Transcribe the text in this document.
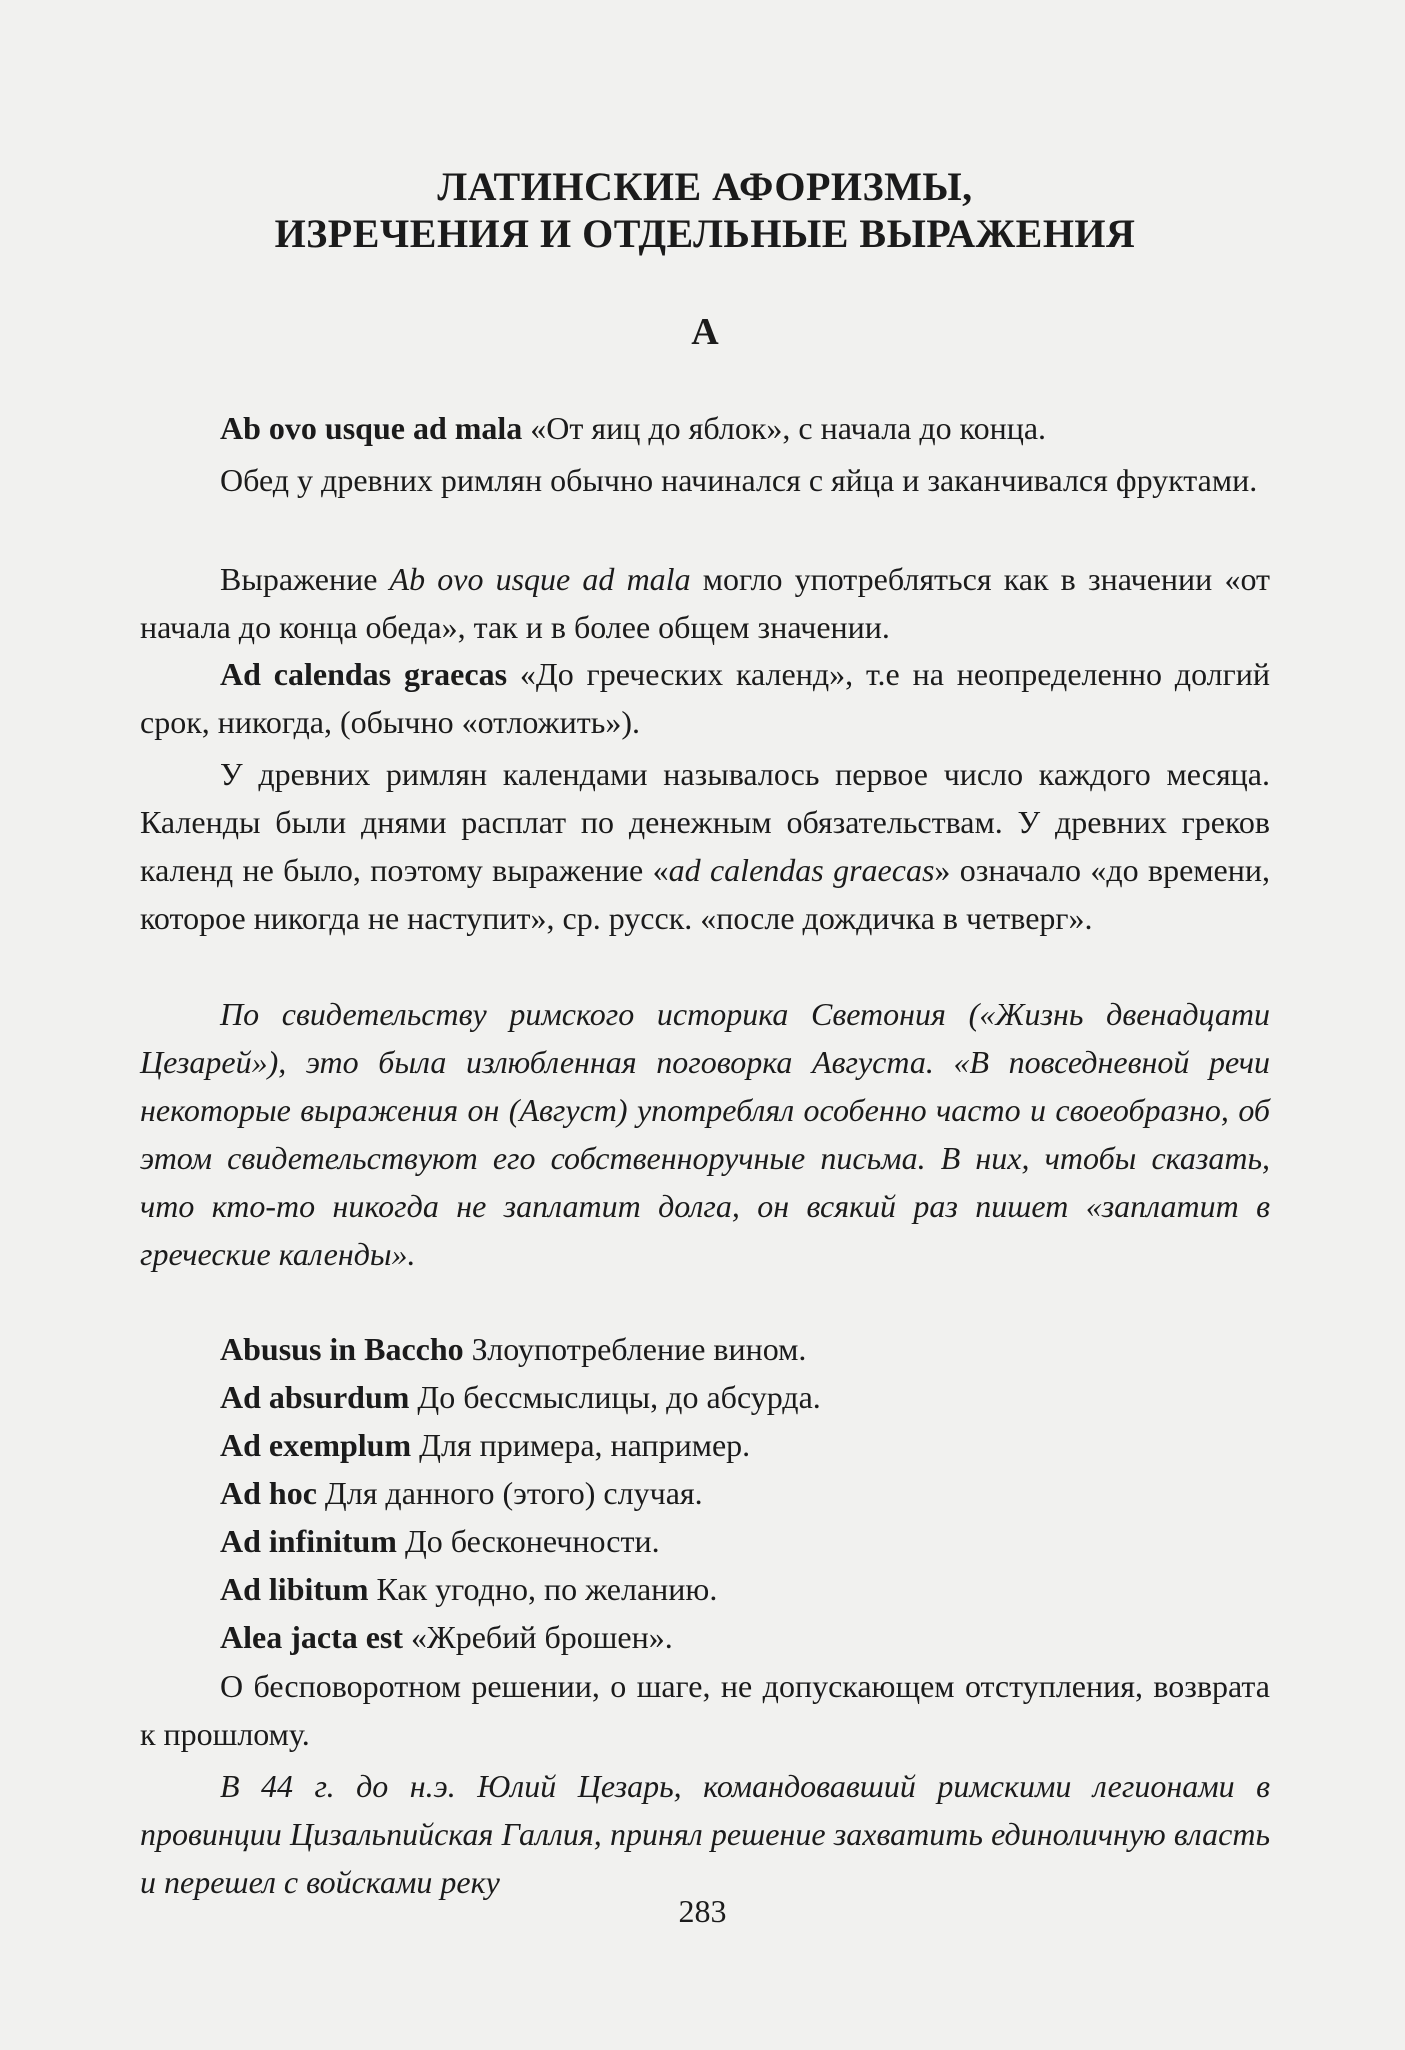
ЛАТИНСКИЕ АФОРИЗМЫ,
ИЗРЕЧЕНИЯ И ОТДЕЛЬНЫЕ ВЫРАЖЕНИЯ
А

Ab ovo usque ad mala «От яиц до яблок», с начала до конца.

Обед у древних римлян обычно начинался с яйца и заканчивался фруктами.

Выражение Ab ovo usque ad mala могло употребляться как в значении «от начала до конца обеда», так и в более общем значении.

Ad calendas graecas «До греческих календ», т.е на неопределенно долгий срок, никогда, (обычно «отложить»).

У древних римлян календами называлось первое число каждого месяца. Календы были днями расплат по денежным обязательствам. У древних греков календ не было, поэтому выражение «ad calendas graecas» означало «до времени, которое никогда не наступит», ср. русск. «после дождичка в четверг».

По свидетельству римского историка Светония («Жизнь двенадцати Цезарей»), это была излюбленная поговорка Августа. «В повседневной речи некоторые выражения он (Август) употреблял особенно часто и своеобразно, об этом свидетельствуют его собственноручные письма. В них, чтобы сказать, что кто-то никогда не заплатит долга, он всякий раз пишет «заплатит в греческие календы».

Abusus in Baccho Злоупотребление вином.

Ad absurdum До бессмыслицы, до абсурда.

Ad exemplum Для примера, например.

Ad hoc Для данного (этого) случая.

Ad infinitum До бесконечности.

Ad libitum Как угодно, по желанию.

Alea jacta est «Жребий брошен».

О бесповоротном решении, о шаге, не допускающем отступления, возврата к прошлому.

В 44 г. до н.э. Юлий Цезарь, командовавший римскими легионами в провинции Цизальпийская Галлия, принял решение захватить единоличную власть и перешел с войсками реку

283
